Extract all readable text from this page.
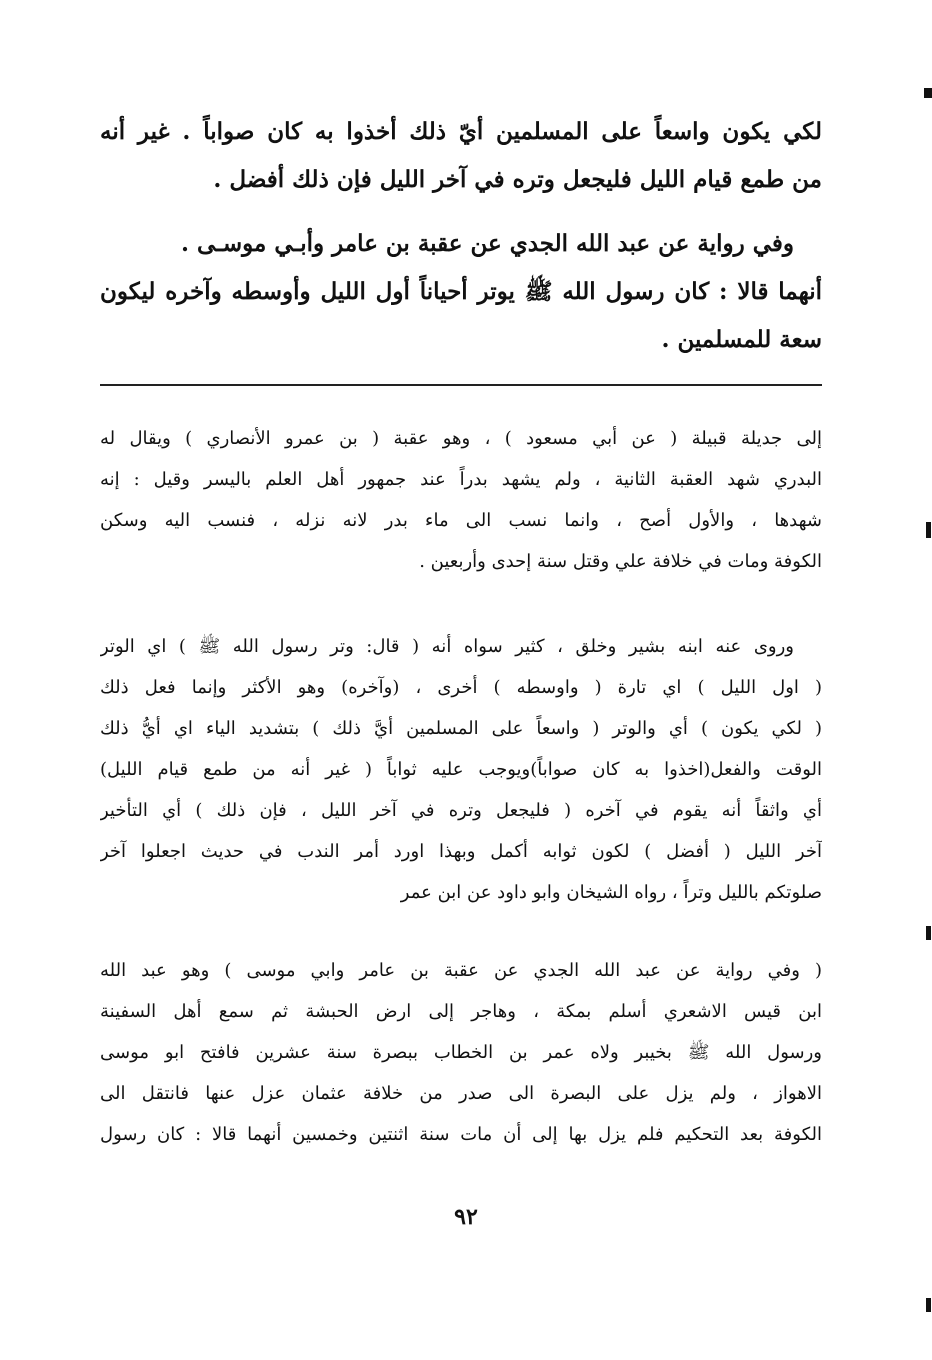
لكي يكون واسعاً على المسلمين أيّ ذلك أخذوا به كان صواباً . غير أنه
من طمع قيام الليل فليجعل وتره في آخر الليل فإن ذلك أفضل .
وفي رواية عن عبد الله الجدي عن عقبة بن عامر وأبـي موسـى .
أنهما قالا : كان رسول الله ﷺ يوتر أحياناً أول الليل وأوسطه وآخره ليكون
سعة للمسلمين .
إلى جديلة قبيلة ( عن أبي مسعود ) ، وهو عقبة ( بن عمرو الأنصاري ) ويقال له
البدري شهد العقبة الثانية ، ولم يشهد بدراً عند جمهور أهل العلم باليسر وقيل : إنه
شهدها ، والأول أصح ، وانما نسب الى ماء بدر لانه نزله ، فنسب اليه وسكن
الكوفة ومات في خلافة علي وقتل سنة إحدى وأربعين .
وروى عنه ابنه بشير وخلق ، كثير سواه أنه ( قال: وتر رسول الله ﷺ ) اي الوتر
( اول الليل ) اي تارة ( واوسطه ) أخرى ، (وآخره) وهو الأكثر وإنما فعل ذلك
( لكي يكون ) أي والوتر ( واسعاً على المسلمين أيَّ ذلك ) بتشديد الياء اي أيُّ ذلك
الوقت والفعل(اخذوا به كان صواباً)ويوجب عليه ثواباً ( غير أنه من طمع قيام الليل)
أي واثقاً أنه يقوم في آخره ( فليجعل وتره في آخر الليل ، فإن ذلك ) أي التأخير
آخر الليل ( أفضل ) لكون ثوابه أكمل وبهذا اورد أمر الندب في حديث اجعلوا آخر
صلوتكم بالليل وتراً ، رواه الشيخان وابو داود عن ابن عمر
( وفي رواية عن عبد الله الجدي عن عقبة بن عامر وابي موسى ) وهو عبد الله
ابن قيس الاشعري أسلم بمكة ، وهاجر إلى ارض الحبشة ثم سمع أهل السفينة
ورسول الله ﷺ بخيبر ولاه عمر بن الخطاب ببصرة سنة عشرين فافتح ابو موسى
الاهواز ، ولم يزل على البصرة الى صدر من خلافة عثمان عزل عنها فانتقل الى
الكوفة بعد التحكيم فلم يزل بها إلى أن مات سنة اثنتين وخمسين أنهما قالا : كان رسول
٩٢
